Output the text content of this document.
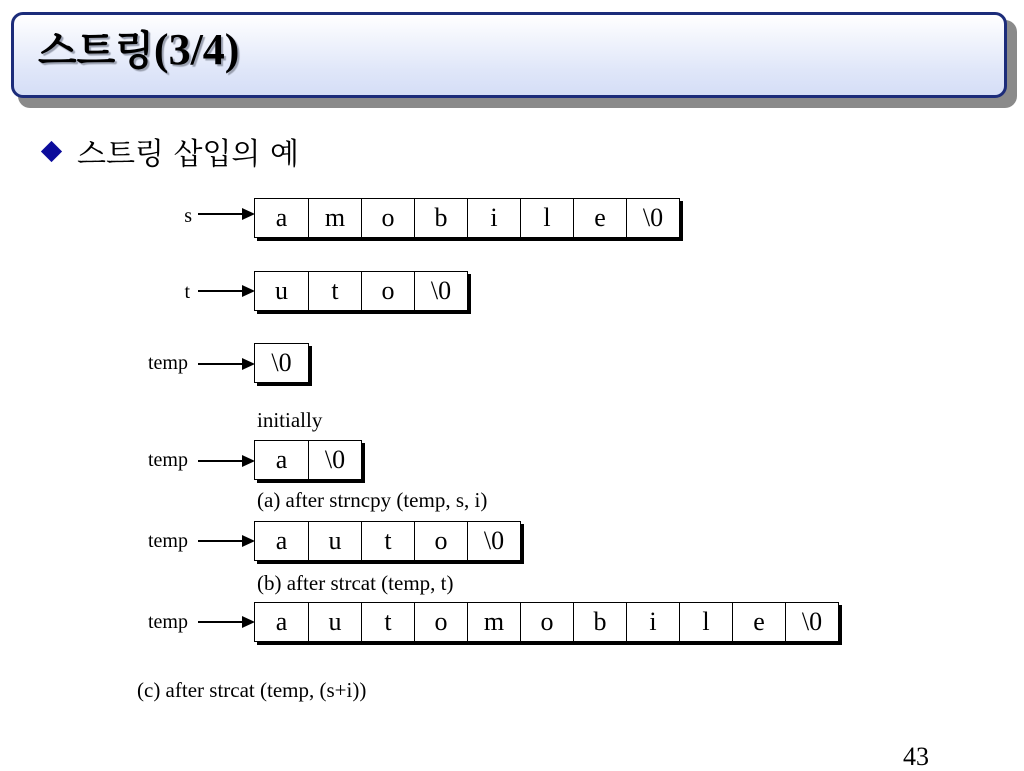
스트링(3/4)
스트링 삽입의 예
s	a	m	o	b	i	l	e	\0
t	u	t	o	\0
temp	\0
initially
temp	a	\0
(a) after strncpy (temp, s, i)
temp	a	u	t	o	\0
(b) after strcat (temp, t)
temp	a	u	t	o	m	o	b	i	l	e	\0
(c) after strcat (temp, (s+i))
43
